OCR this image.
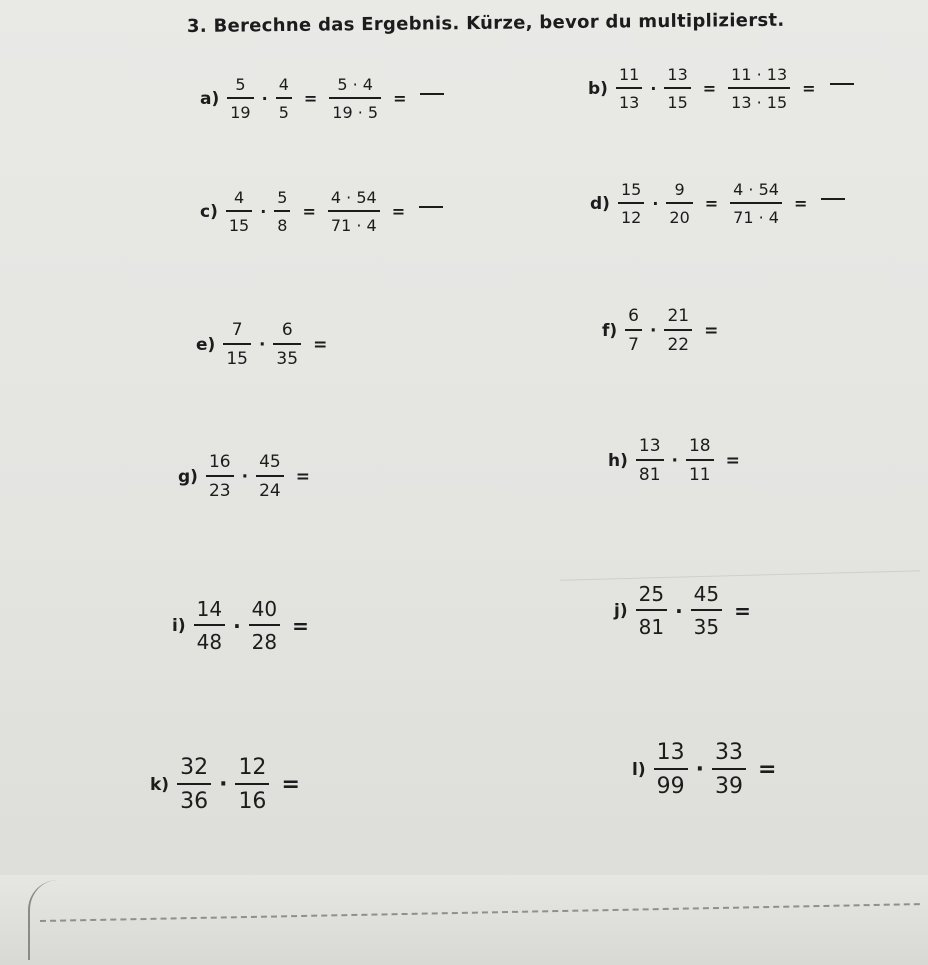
3. Berechne das Ergebnis. Kürze, bevor du multiplizierst.
$a) \frac{5}{19} \cdot \frac{4}{5} = \frac{5 \cdot 4}{19 \cdot 5}$ =	$b) \frac{11}{13} \cdot \frac{13}{15} = \frac{11 \cdot 13}{13 \cdot 15}$ =
$c) \frac{4}{15} \cdot \frac{5}{8} = \frac{4 \cdot 54}{71 \cdot 4}$ =	$d) \frac{15}{12} \cdot \frac{9}{20} = \frac{4 \cdot 54}{71 \cdot 4}$ =
$e) \frac{7}{15} \cdot \frac{6}{35}$ =
$f) \frac{6}{7} \cdot \frac{21}{22}$ =
$g) \frac{16}{23} \cdot \frac{45}{24}$ =
$h) \frac{13}{81} \cdot \frac{18}{11}$ =
$i) \frac{14}{48} \cdot \frac{40}{28}$ =
$j) \frac{25}{81} \cdot \frac{45}{35}$ =
$k) \frac{32}{36} \cdot \frac{12}{16}$ =
$l) \frac{13}{99} \cdot \frac{33}{39}$ =
